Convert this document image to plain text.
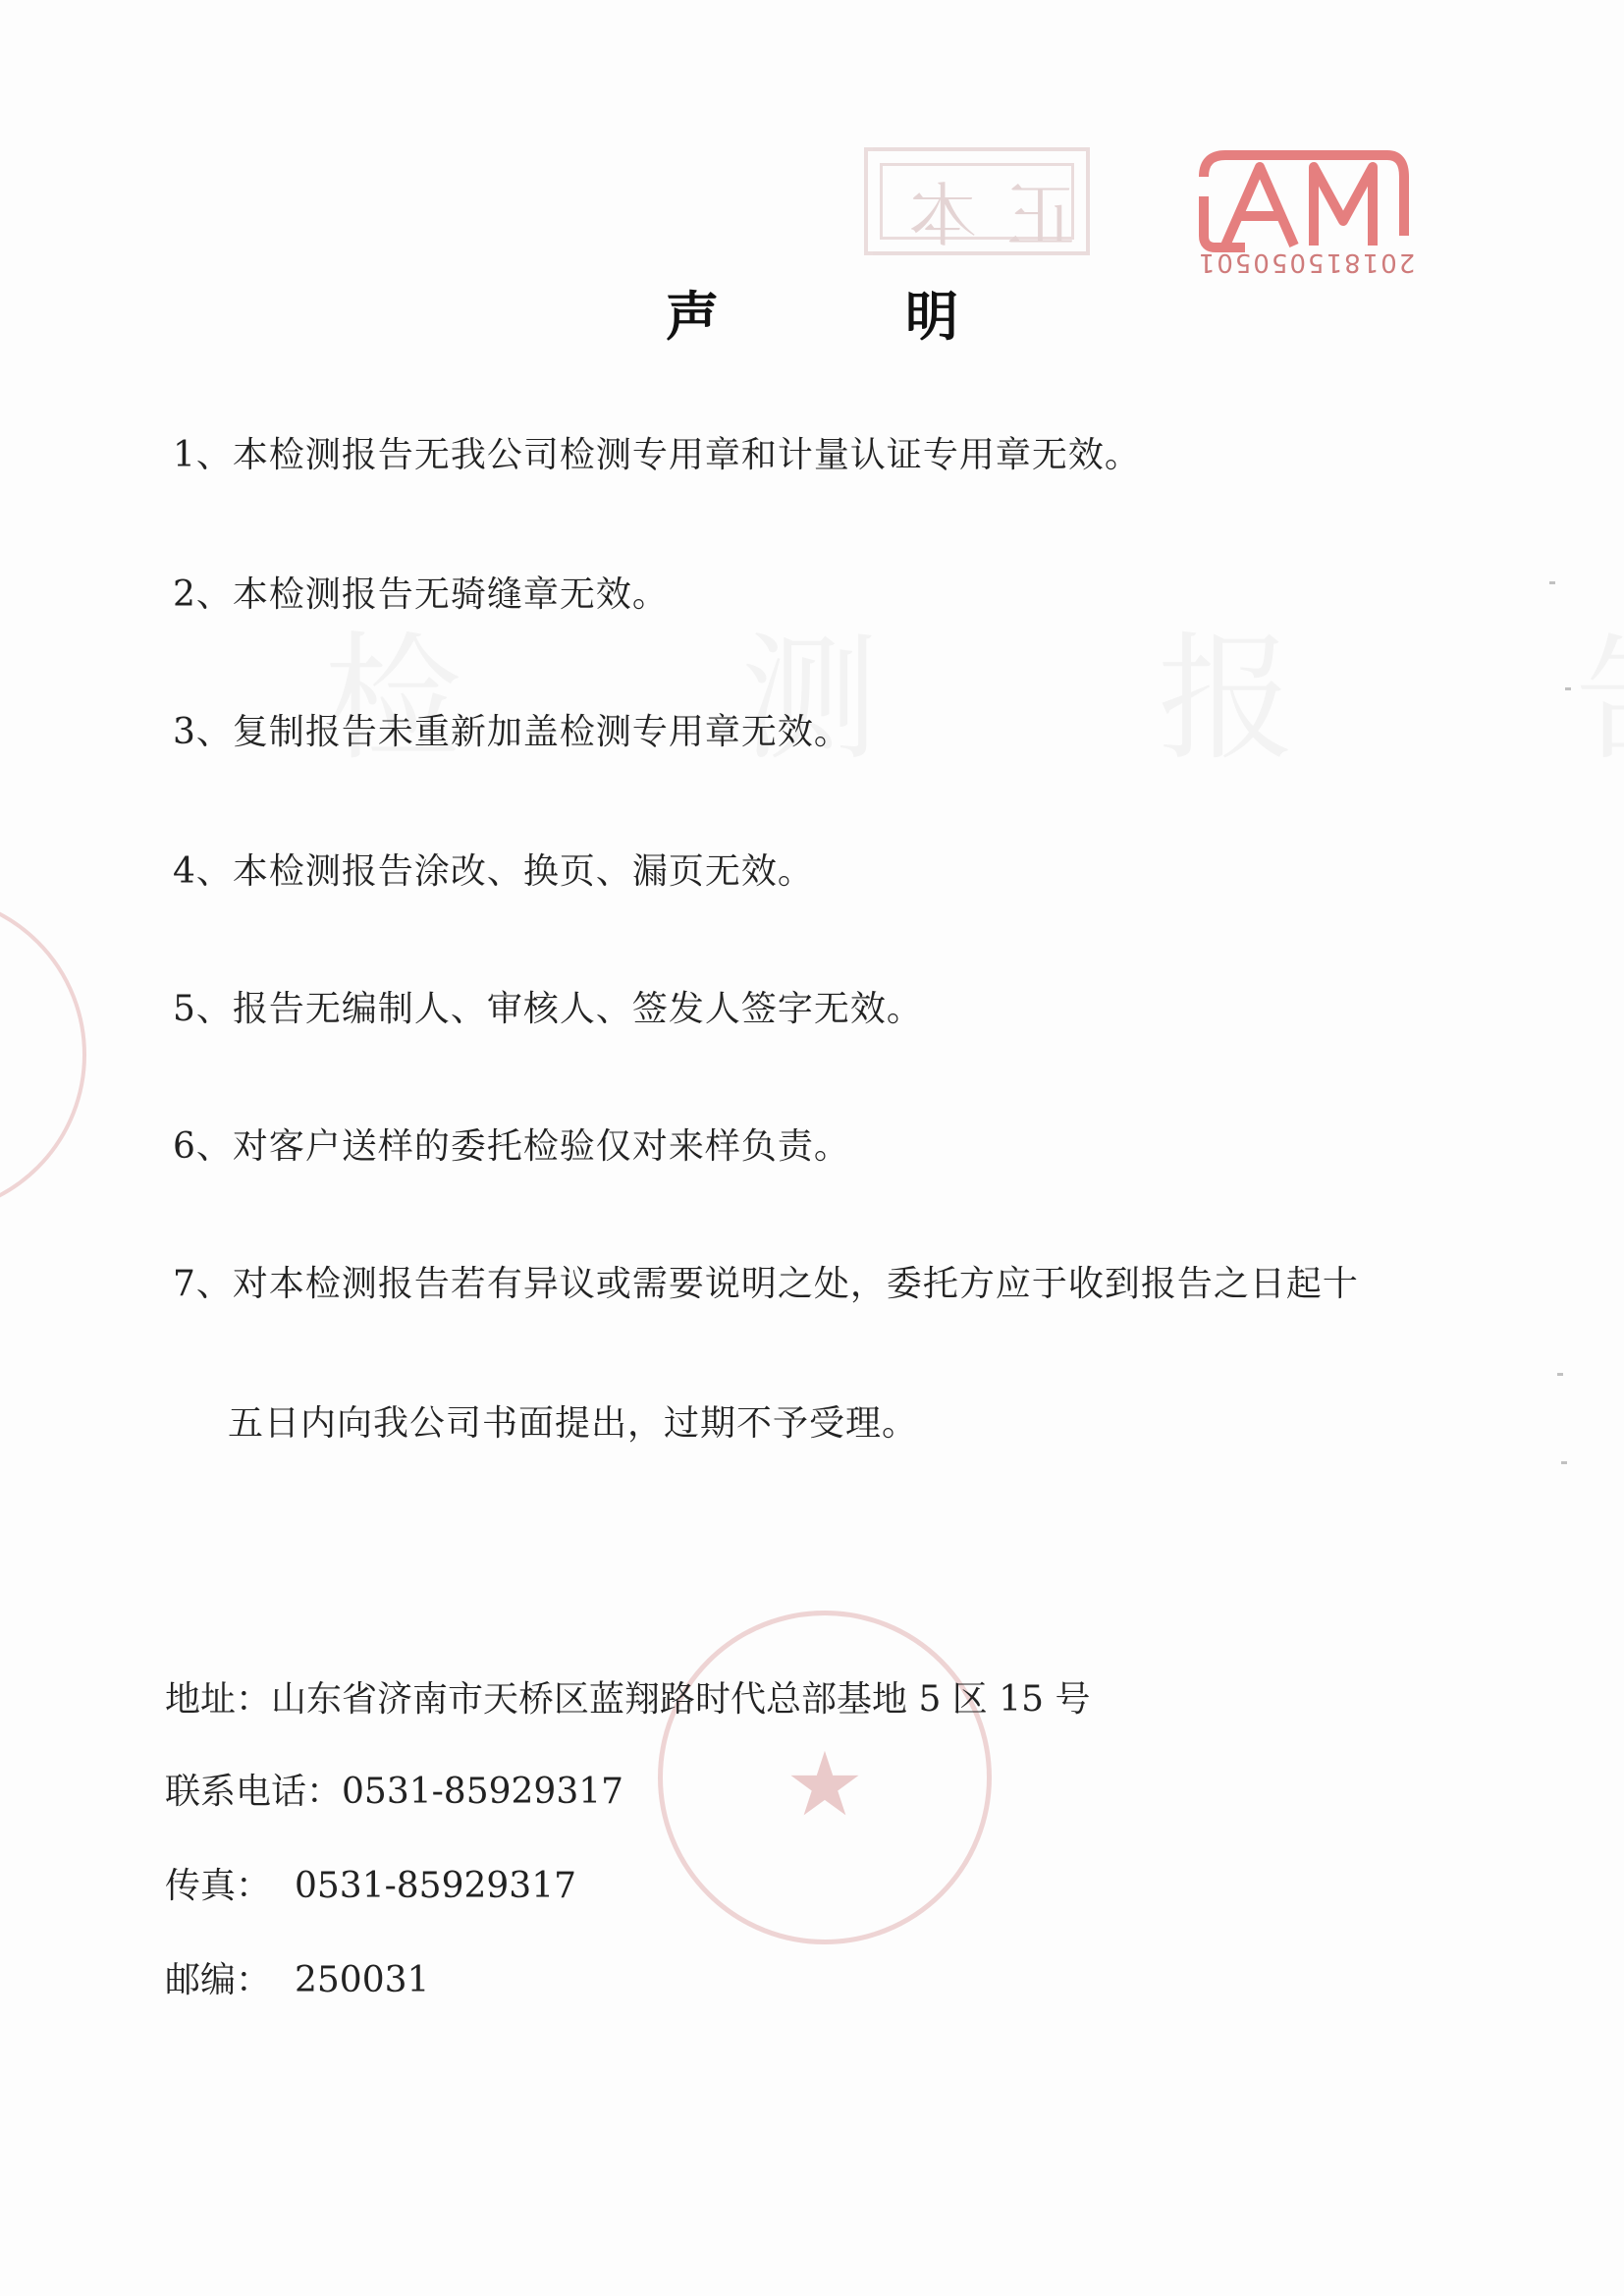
201815050501
正本
★
声明
1、本检测报告无我公司检测专用章和计量认证专用章无效。
2、本检测报告无骑缝章无效。
3、复制报告未重新加盖检测专用章无效。
4、本检测报告涂改、换页、漏页无效。
5、报告无编制人、审核人、签发人签字无效。
6、对客户送样的委托检验仅对来样负责。
7、对本检测报告若有异议或需要说明之处，委托方应于收到报告之日起十
五日内向我公司书面提出，过期不予受理。
地址：山东省济南市天桥区蓝翔路时代总部基地 5 区 15 号
联系电话：0531-85929317
传真： 0531-85929317
邮编： 250031
